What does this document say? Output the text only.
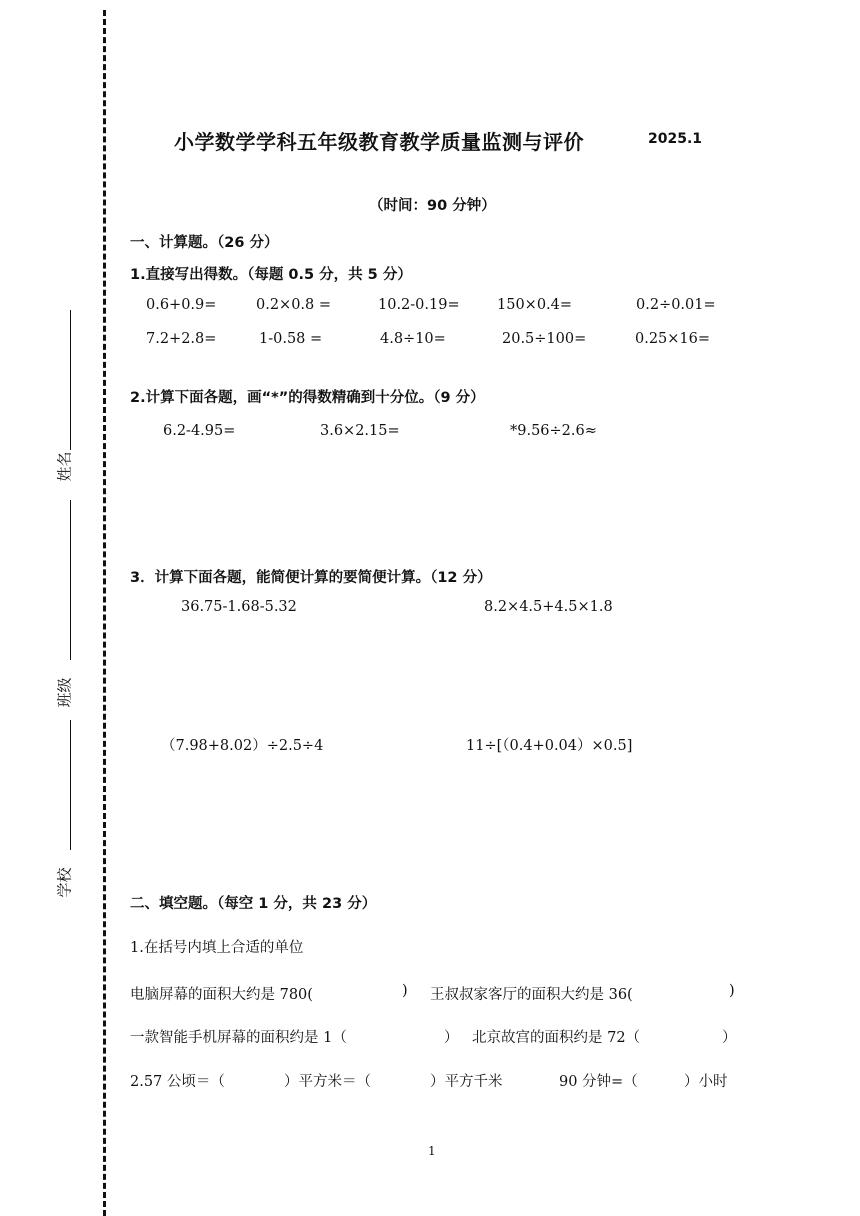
姓名
班级
学校
小学数学学科五年级教育教学质量监测与评价	2025.1
（时间：90 分钟）
一、计算题。（26 分）
1.直接写出得数。（每题 0.5 分，共 5 分）
0.6+0.9=	0.2×0.8 =	10.2-0.19=	150×0.4=	0.2÷0.01=
7.2+2.8=	1-0.58 =	4.8÷10=	20.5÷100=	0.25×16=
2.计算下面各题，画“*”的得数精确到十分位。（9 分）
6.2-4.95=	3.6×2.15=	*9.56÷2.6≈
3．计算下面各题，能简便计算的要简便计算。（12 分）
36.75-1.68-5.32	8.2×4.5+4.5×1.8
（7.98+8.02）÷2.5÷4	11÷[（0.4+0.04）×0.5]
二、填空题。（每空 1 分，共 23 分）
1.在括号内填上合适的单位
电脑屏幕的面积大约是 780(	) 王叔叔家客厅的面积大约是 36(	)
一款智能手机屏幕的面积约是 1（	） 北京故宫的面积约是 72（	）
2.57 公顷＝（	）平方米＝（	）平方千米	90 分钟=（	）小时
1
